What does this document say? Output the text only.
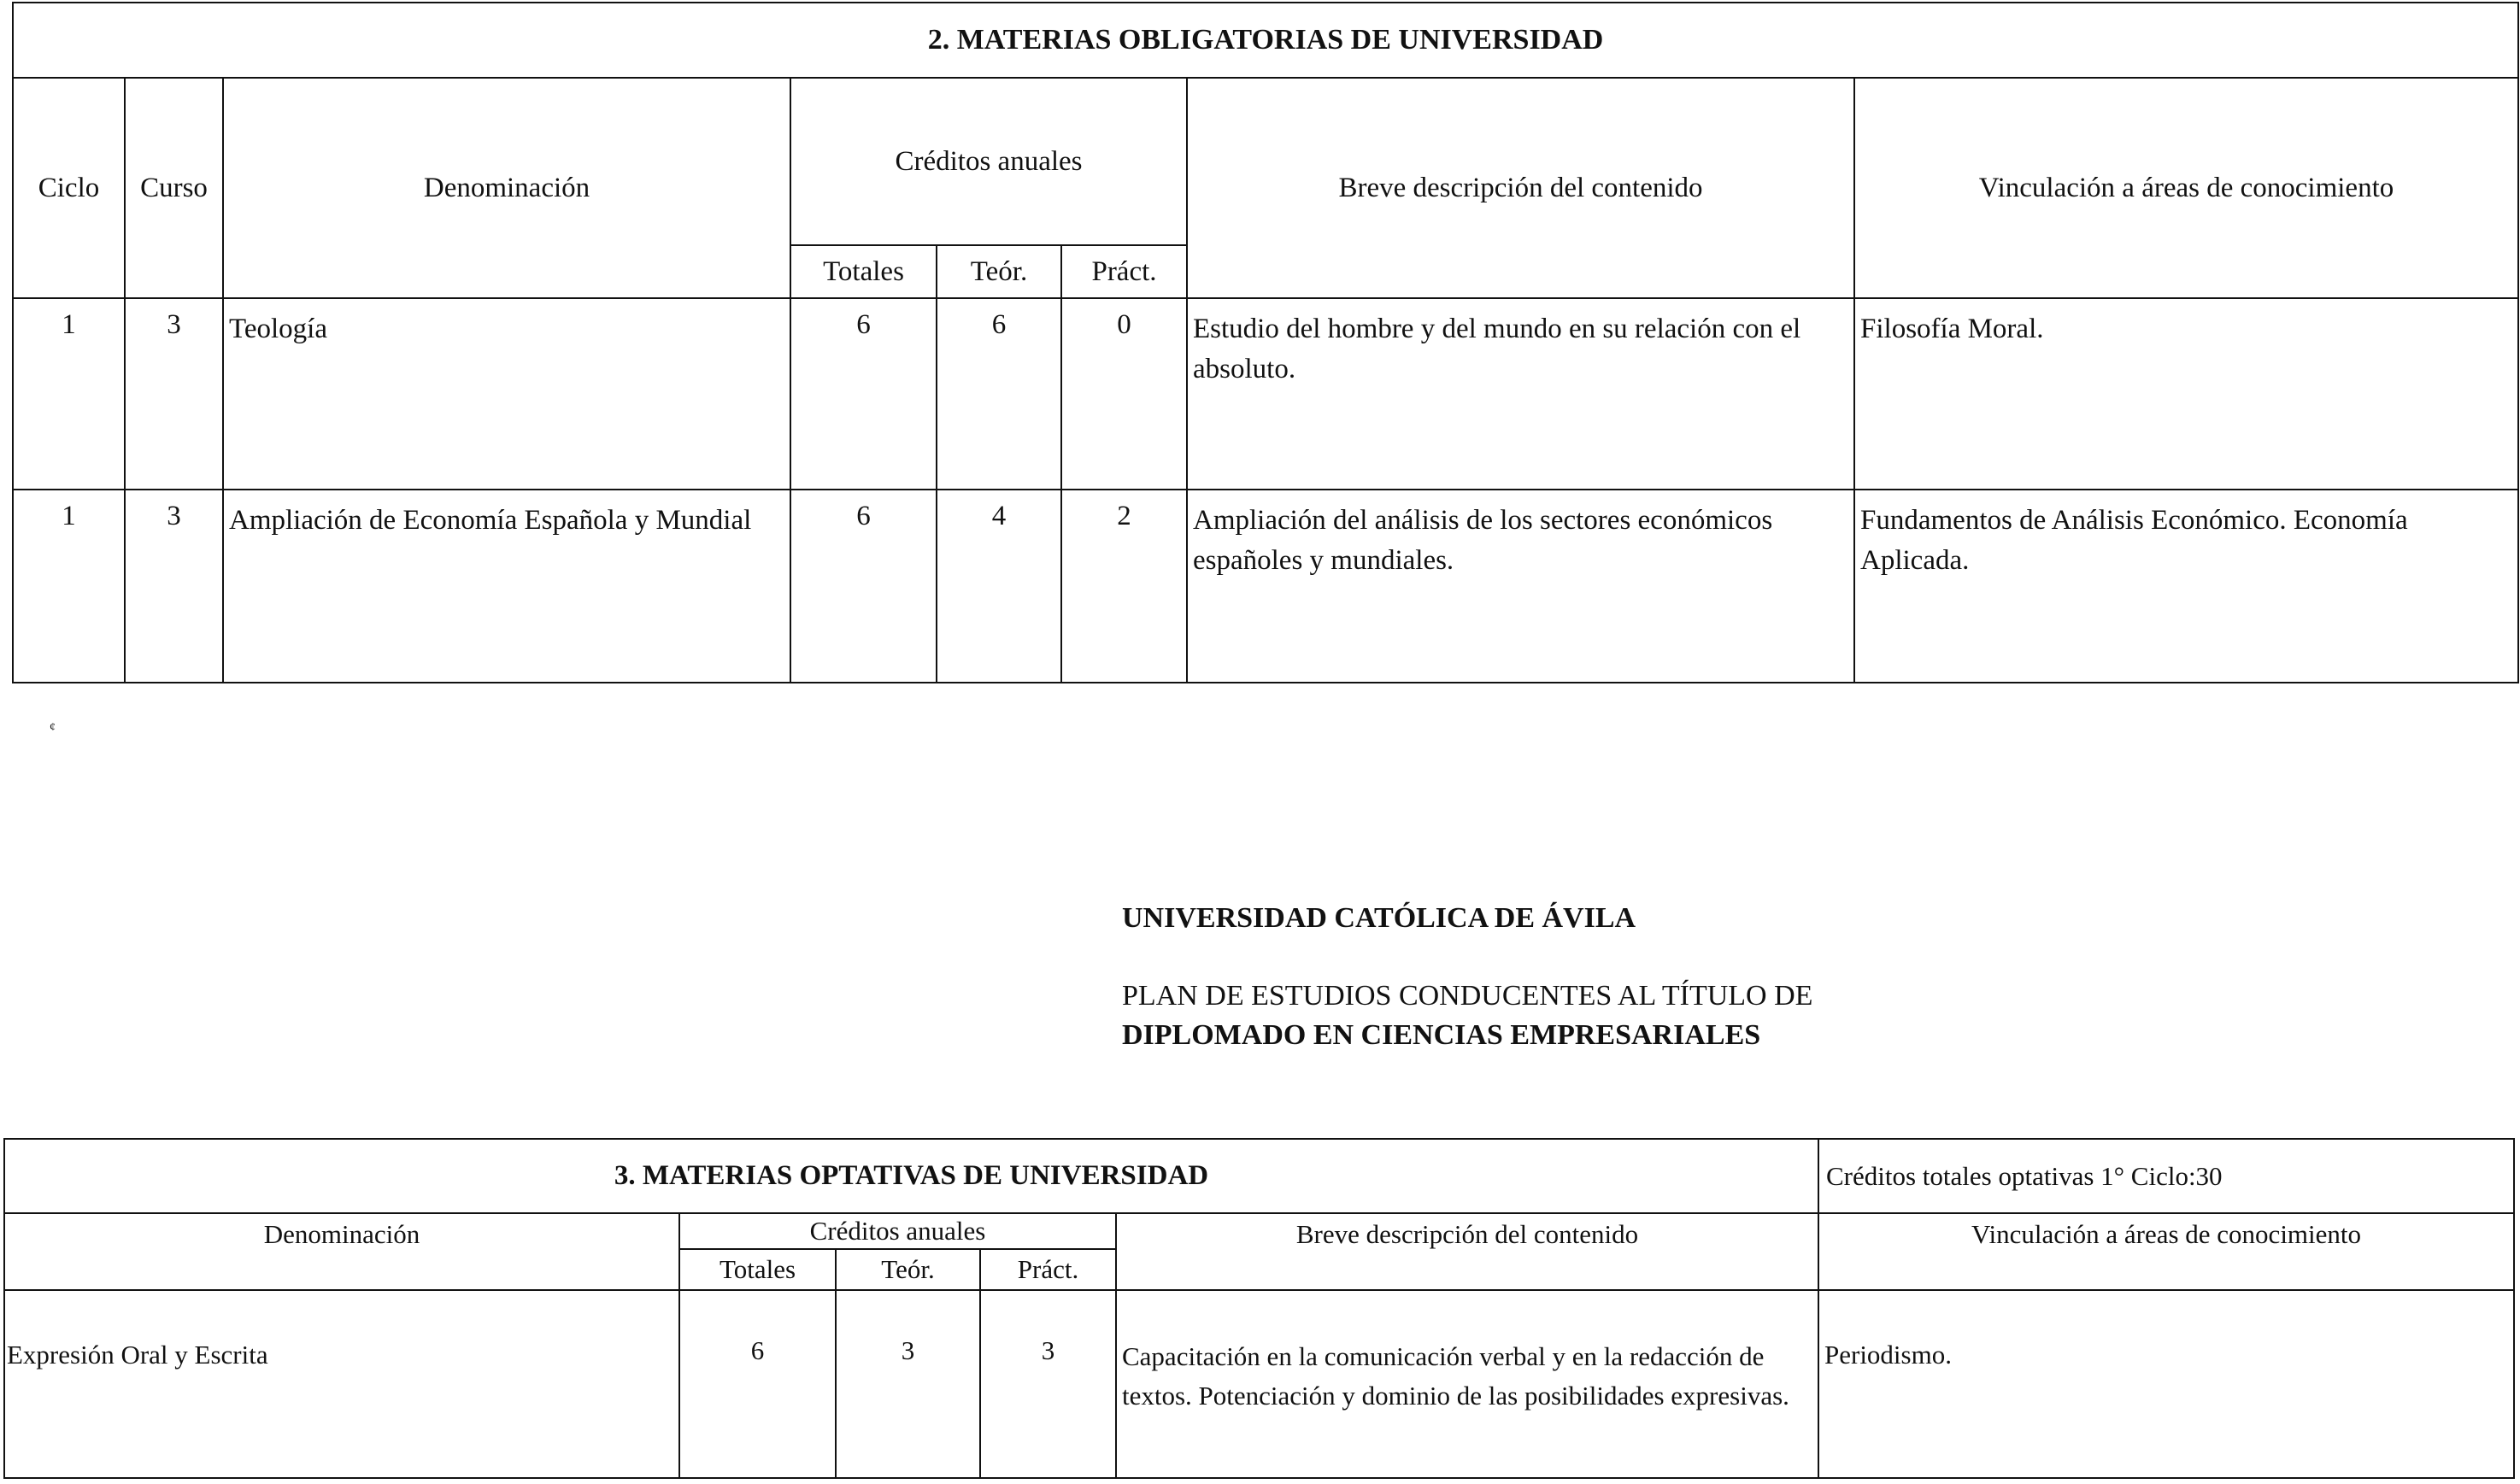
2. MATERIAS OBLIGATORIAS DE UNIVERSIDAD							
Ciclo	Curso	Denominación	Créditos anuales			Breve descripción del contenido	Vinculación a áreas de conocimiento
			Totales	Teór.	Práct.		
1	3	Teología	6	6	0	Estudio del hombre y del mundo en su relación con el absoluto.	Filosofía Moral.
1	3	Ampliación de Economía Española y Mundial	6	4	2	Ampliación del análisis de los sectores económicos españoles y mundiales.	Fundamentos de Análisis Económico. Economía Aplicada.
¢
UNIVERSIDAD CATÓLICA DE ÁVILA
PLAN DE ESTUDIOS CONDUCENTES AL TÍTULO DE
DIPLOMADO EN CIENCIAS EMPRESARIALES
3. MATERIAS OPTATIVAS DE UNIVERSIDAD					Créditos totales optativas 1° Ciclo:30
Denominación	Créditos anuales			Breve descripción del contenido	Vinculación a áreas de conocimiento
	Totales	Teór.	Práct.		
Expresión Oral y Escrita	6	3	3	Capacitación en la comunicación verbal y en la redacción de textos. Potenciación y dominio de las posibilidades expresivas.	Periodismo.
